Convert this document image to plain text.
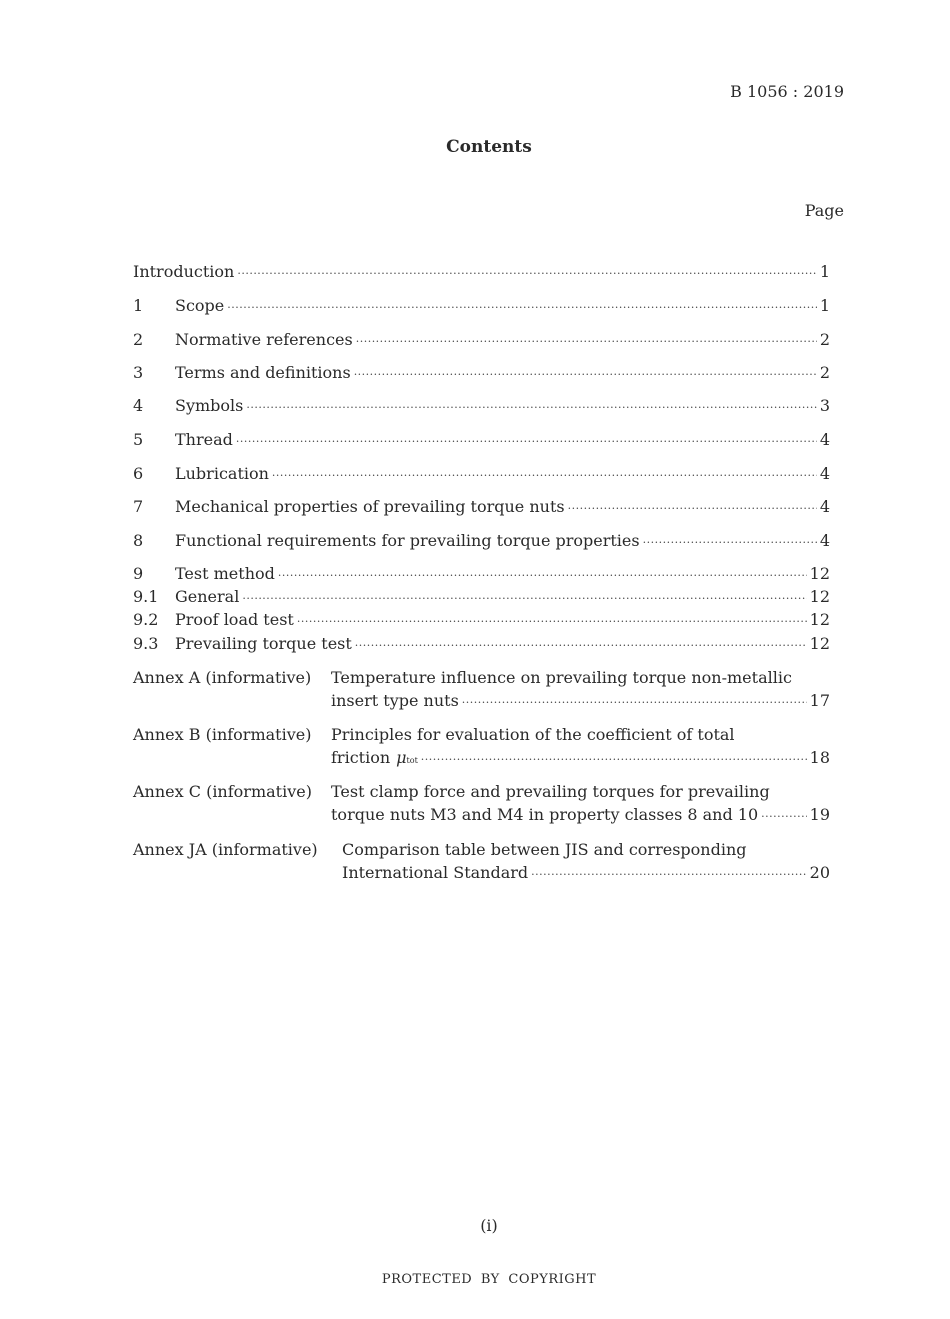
B 1056 : 2019
Contents
Page
Introduction ·····	1
1	Scope ·····	1
2	Normative references ·····	2
3	Terms and definitions ·····	2
4	Symbols ·····	3
5	Thread ·····	4
6	Lubrication ·····	4
7	Mechanical properties of prevailing torque nuts ·····	4
8	Functional requirements for prevailing torque properties ·····	4
9	Test method ·····	12
9.1	General ·····	12
9.2	Proof load test ·····	12
9.3	Prevailing torque test ·····	12
Annex A (informative) Temperature influence on prevailing torque non-metallic
insert type nuts ·····	17
Annex B (informative) Principles for evaluation of the coefficient of total
friction μ tot ·····	18
Annex C (informative) Test clamp force and prevailing torques for prevailing
torque nuts M3 and M4 in property classes 8 and 10 ·····	19
Annex JA (informative) Comparison table between JIS and corresponding
International Standard ·····	20
(i)
PROTECTED BY COPYRIGHT
